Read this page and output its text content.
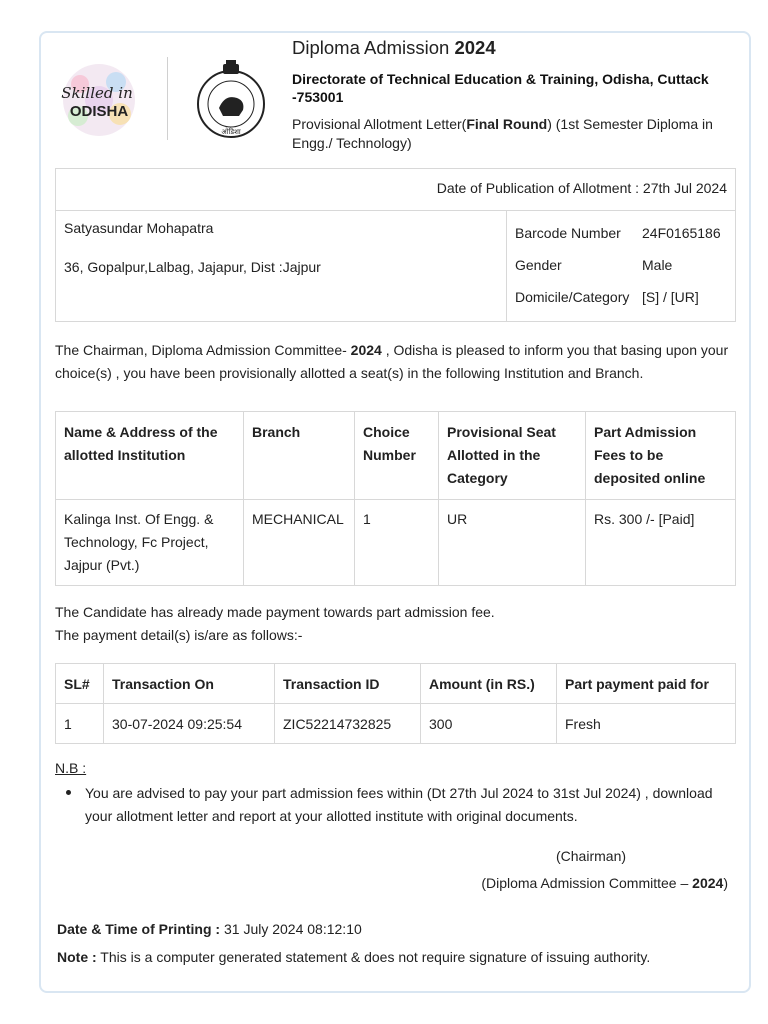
Skilled in
ODISHA
ओडिशा
Diploma Admission 2024
Directorate of Technical Education & Training, Odisha, Cuttack -753001
Provisional Allotment Letter(Final Round) (1st Semester Diploma in Engg./ Technology)
Date of Publication of Allotment : 27th Jul 2024
Satyasundar Mohapatra
36, Gopalpur,Lalbag, Jajapur, Dist :Jajpur
Barcode Number 24F0165186
Gender	Male
Domicile/Category [S] / [UR]
The Chairman, Diploma Admission Committee- 2024 , Odisha is pleased to inform you that basing upon your choice(s) , you have been provisionally allotted a seat(s) in the following Institution and Branch.
Name & Address of the allotted Institution	Branch	Choice Number	Provisional Seat Allotted in the Category	Part Admission Fees to be deposited online
Kalinga Inst. Of Engg. & Technology, Fc Project, Jajpur (Pvt.)	MECHANICAL	1	UR	Rs. 300 /- [Paid]
The Candidate has already made payment towards part admission fee.
The payment detail(s) is/are as follows:-
SL#	Transaction On	Transaction ID	Amount (in RS.)	Part payment paid for
1	30-07-2024 09:25:54	ZIC52214732825	300	Fresh
N.B :
You are advised to pay your part admission fees within (Dt 27th Jul 2024 to 31st Jul 2024) , download your allotment letter and report at your allotted institute with original documents.
(Chairman)
(Diploma Admission Committee – 2024)
Date & Time of Printing : 31 July 2024 08:12:10
Note : This is a computer generated statement & does not require signature of issuing authority.
